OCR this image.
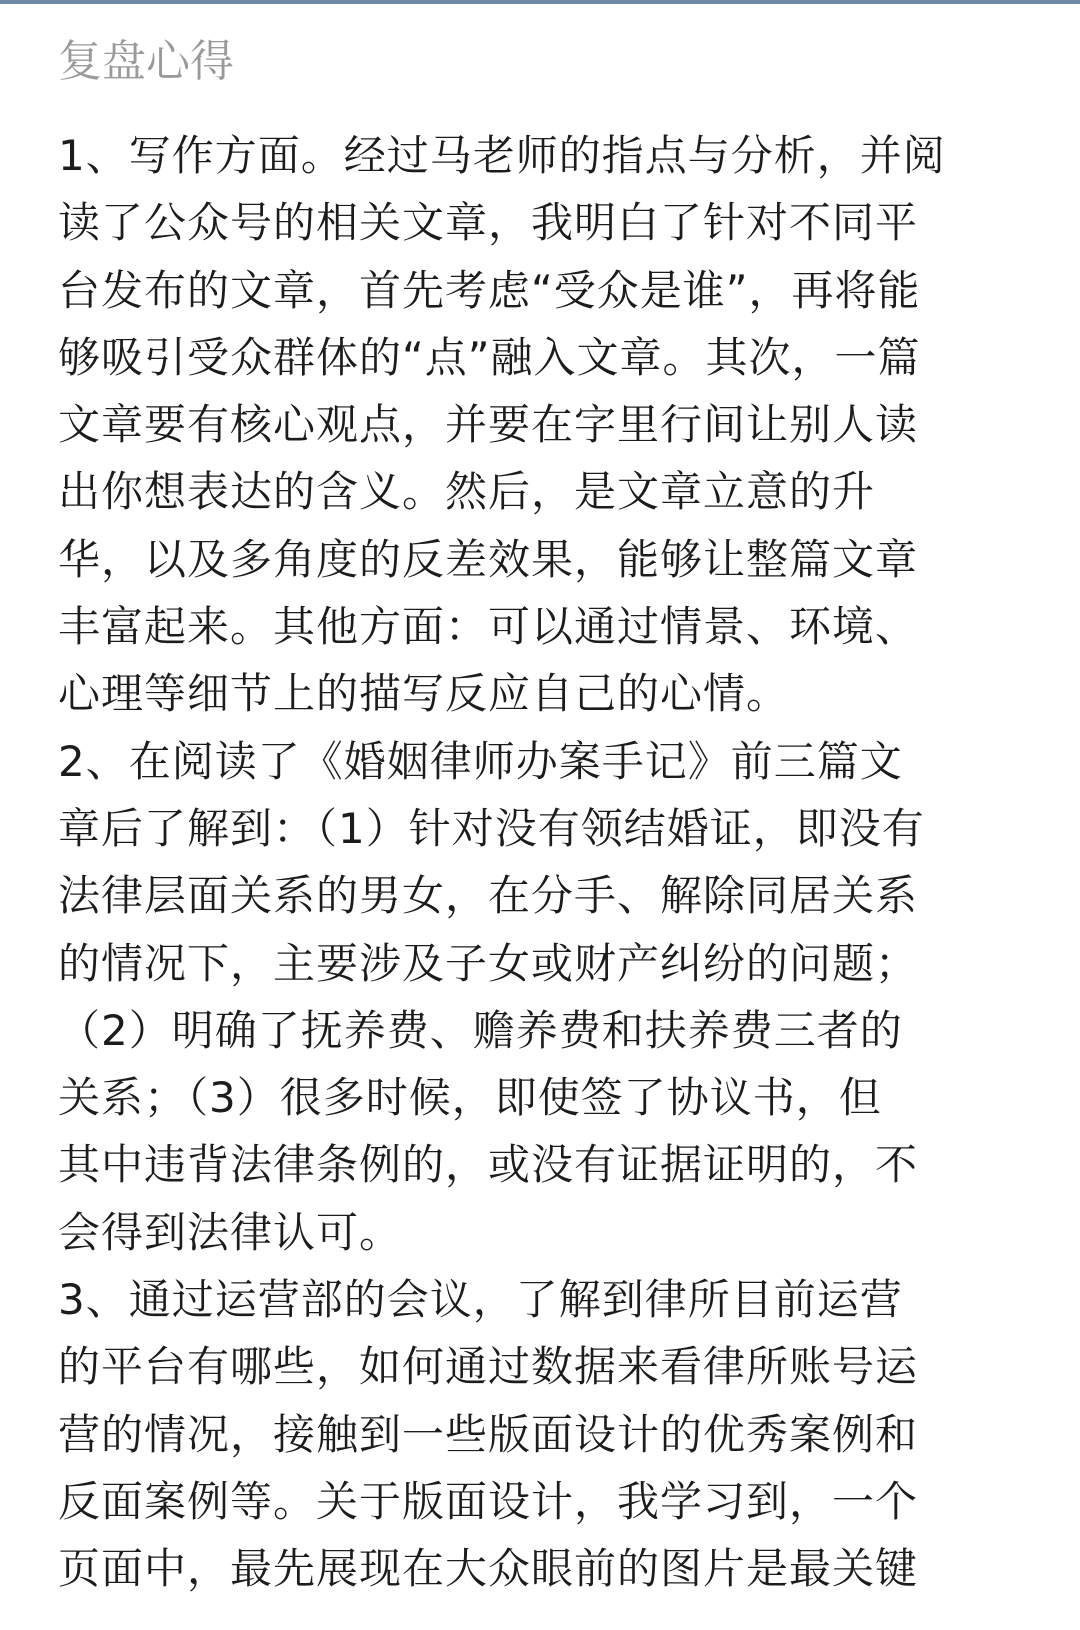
复盘心得
1、写作方面。经过马老师的指点与分析，并阅
读了公众号的相关文章，我明白了针对不同平
台发布的文章，首先考虑“受众是谁”，再将能
够吸引受众群体的“点”融入文章。其次，一篇
文章要有核心观点，并要在字里行间让别人读
出你想表达的含义。然后，是文章立意的升
华，以及多角度的反差效果，能够让整篇文章
丰富起来。其他方面：可以通过情景、环境、
心理等细节上的描写反应自己的心情。
2、在阅读了《婚姻律师办案手记》前三篇文
章后了解到：（1）针对没有领结婚证，即没有
法律层面关系的男女，在分手、解除同居关系
的情况下，主要涉及子女或财产纠纷的问题；
（2）明确了抚养费、赡养费和扶养费三者的
关系；（3）很多时候，即使签了协议书，但
其中违背法律条例的，或没有证据证明的，不
会得到法律认可。
3、通过运营部的会议，了解到律所目前运营
的平台有哪些，如何通过数据来看律所账号运
营的情况，接触到一些版面设计的优秀案例和
反面案例等。关于版面设计，我学习到，一个
页面中，最先展现在大众眼前的图片是最关键
